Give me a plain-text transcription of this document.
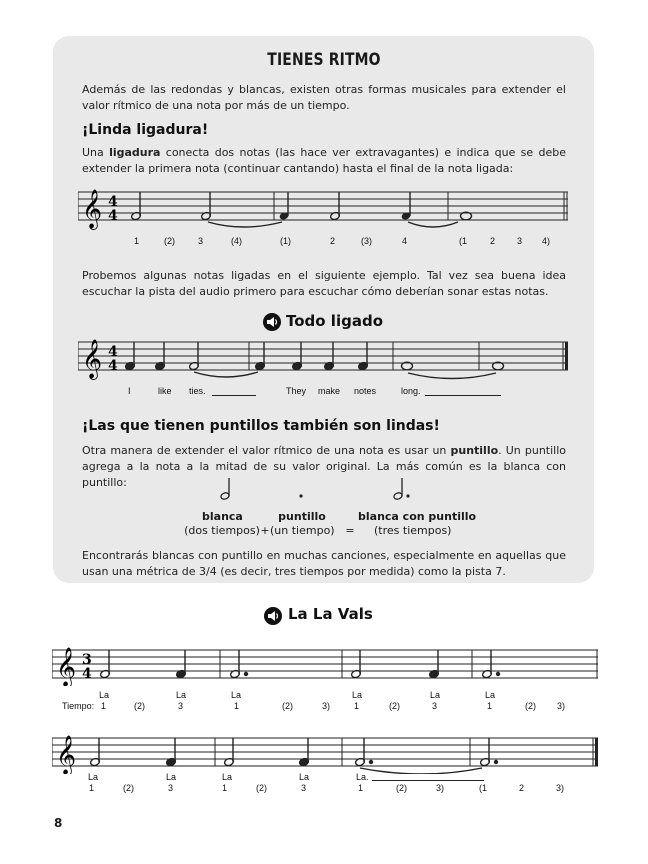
TIENES RITMO
Además de las redondas y blancas, existen otras formas musicales para extender el valor rítmico de una nota por más de un tiempo.
¡Linda ligadura!
Una ligadura conecta dos notas (las hace ver extravagantes) e indica que se debe extender la primera nota (continuar cantando) hasta el final de la nota ligada:
𝄞 4
4
1	(2)	3	(4)	(1)	2	(3)	4	(1	2 3 4)
Probemos algunas notas ligadas en el siguiente ejemplo. Tal vez sea buena idea escuchar la pista del audio primero para escuchar cómo deberían sonar estas notas.
Todo ligado
𝄞 4
4
I	like ties.	They make notes	long.
¡Las que tienen puntillos también son lindas!
Otra manera de extender el valor rítmico de una nota es usar un puntillo. Un puntillo agrega a la nota a la mitad de su valor original. La más común es la blanca con puntillo:
blanca	puntillo	blanca con puntillo
(dos tiempos) + (un tiempo) = (tres tiempos)
Encontrarás blancas con puntillo en muchas canciones, especialmente en aquellas que usan una métrica de 3/4 (es decir, tres tiempos por medida) como la pista 7.
La La Vals
𝄞 3
4
La	La	La	La	La	La
Tiempo: 1	(2)	3	1	(2)	3)	1	(2)	3	1	(2) 3)
𝄞
La	La	La	La	La.
1	(2)	3	1	(2)	3	1	(2)	3)	(1	2	3)
8
